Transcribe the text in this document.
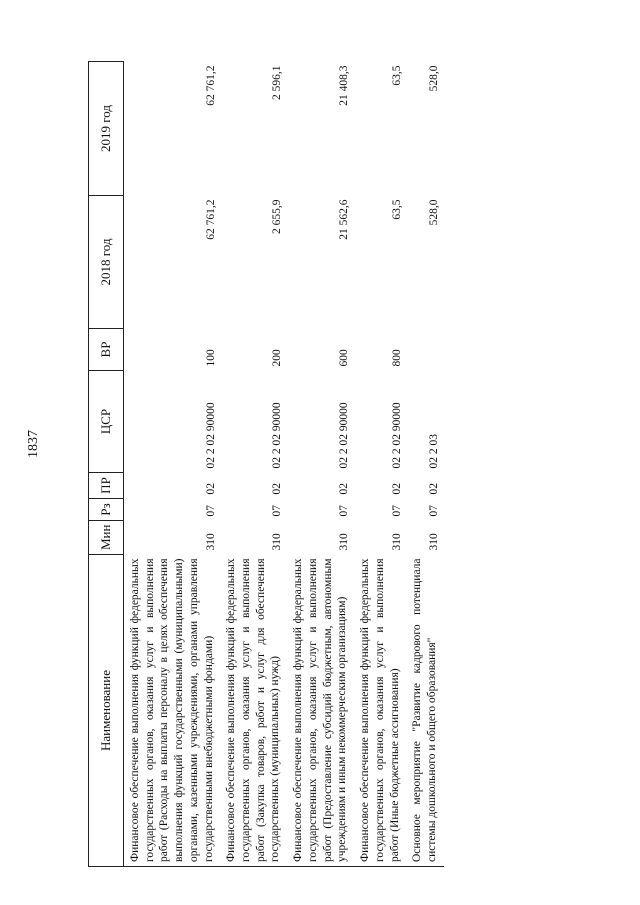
1837
Наименование	Мин	Рз	ПР	ЦСР	ВР	2018 год	2019 год
Финансовое обеспечение выполнения функций федеральных государственных органов, оказания услуг и выполнения работ (Расходы на выплаты персоналу в целях обеспечения выполнения функций государственными (муниципальными) органами, казенными учреждениями, органами управления государственными внебюджетными фондами)	310	07	02	02 2 02 90000	100	62 761,2	62 761,2
Финансовое обеспечение выполнения функций федеральных государственных органов, оказания услуг и выполнения работ (Закупка товаров, работ и услуг для обеспечения государственных (муниципальных) нужд)	310	07	02	02 2 02 90000	200	2 655,9	2 596,1
Финансовое обеспечение выполнения функций федеральных государственных органов, оказания услуг и выполнения работ (Предоставление субсидий бюджетным, автономным учреждениям и иным некоммерческим организациям)	310	07	02	02 2 02 90000	600	21 562,6	21 408,3
Финансовое обеспечение выполнения функций федеральных государственных органов, оказания услуг и выполнения работ (Иные бюджетные ассигнования)	310	07	02	02 2 02 90000	800	63,5	63,5
Основное мероприятие "Развитие кадрового потенциала системы дошкольного и общего образования"	310	07	02	02 2 03		528,0	528,0
